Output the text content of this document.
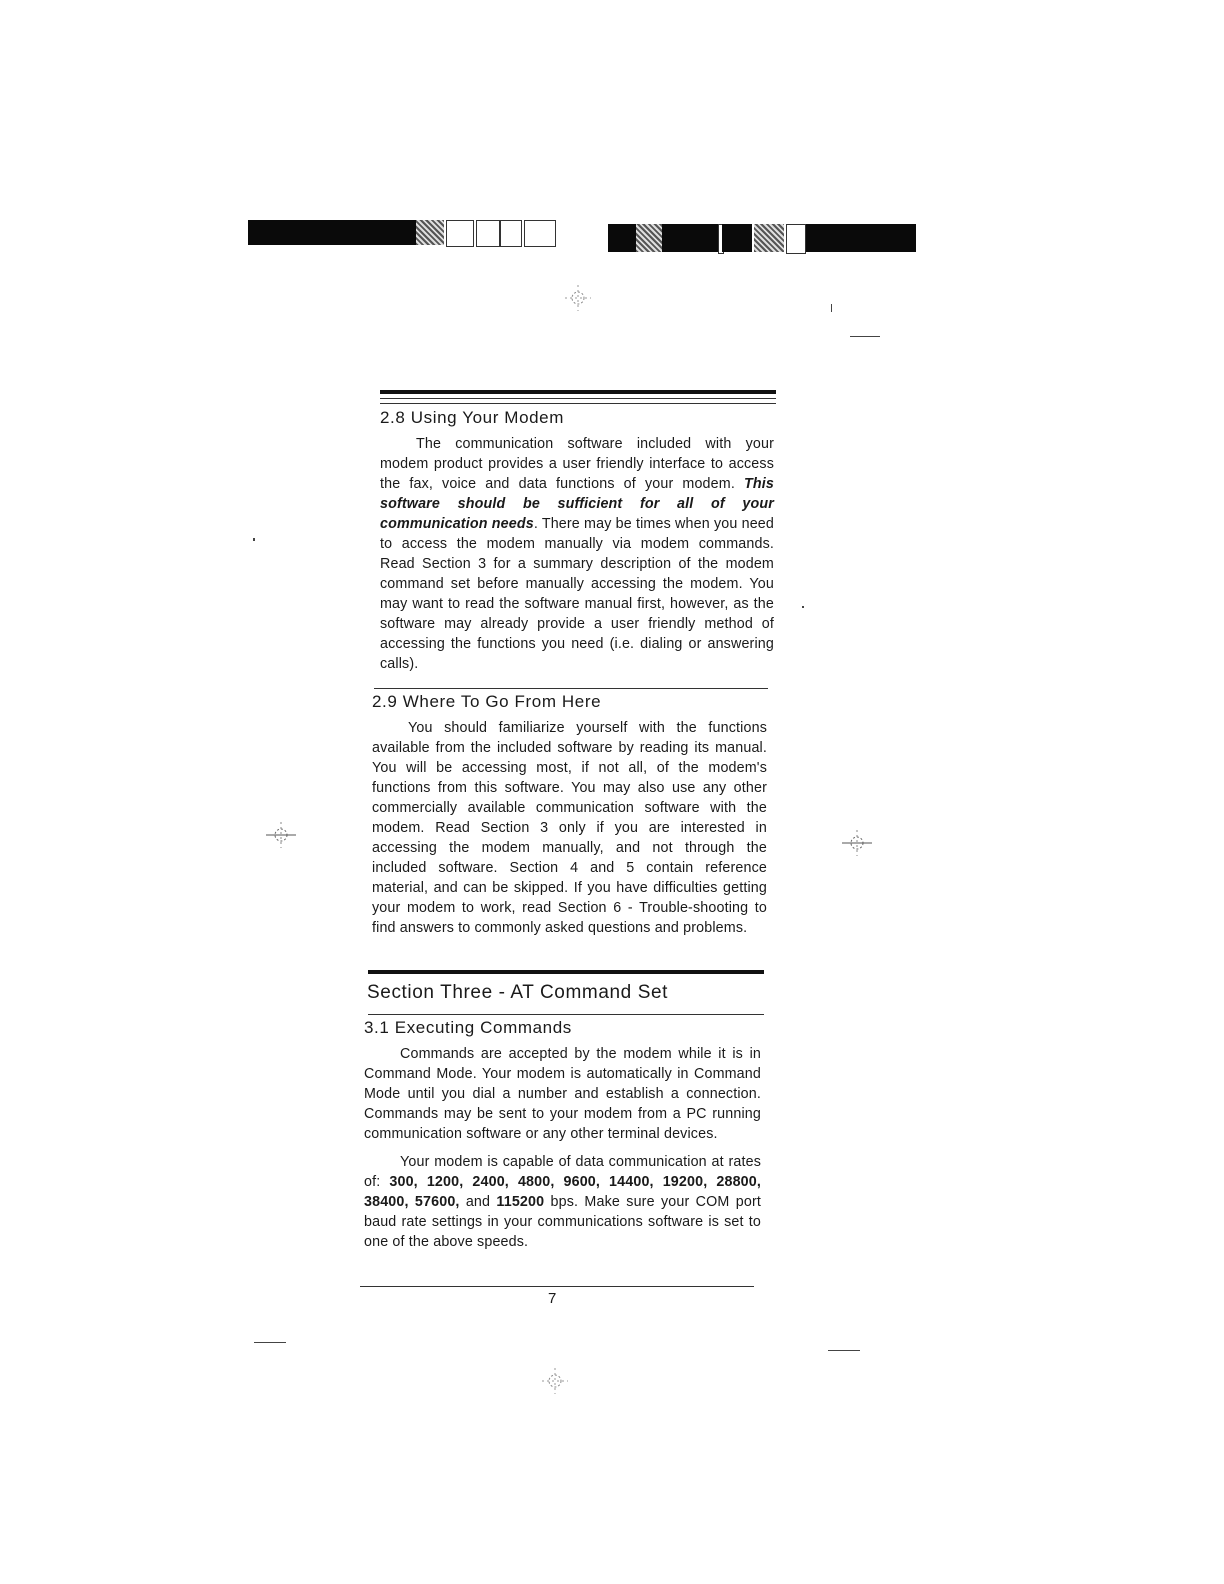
2.8 Using Your Modem

The communication software included with your modem product provides a user friendly interface to access the fax, voice and data functions of your modem. This software should be sufficient for all of your communication needs. There may be times when you need to access the modem manually via modem commands. Read Section 3 for a summary description of the modem command set before manually accessing the modem. You may want to read the software manual first, however, as the software may already provide a user friendly method of accessing the functions you need (i.e. dialing or answering calls).

2.9 Where To Go From Here

You should familiarize yourself with the functions available from the included software by reading its manual. You will be accessing most, if not all, of the modem's functions from this software. You may also use any other commercially available communication software with the modem. Read Section 3 only if you are interested in accessing the modem manually, and not through the included software. Section 4 and 5 contain reference material, and can be skipped. If you have difficulties getting your modem to work, read Section 6 - Trouble-shooting to find answers to commonly asked questions and problems.

Section Three - AT Command Set
3.1 Executing Commands

Commands are accepted by the modem while it is in Command Mode. Your modem is automatically in Command Mode until you dial a number and establish a connection. Commands may be sent to your modem from a PC running communication software or any other terminal devices.

Your modem is capable of data communication at rates of: 300, 1200, 2400, 4800, 9600, 14400, 19200, 28800, 38400, 57600, and 115200 bps. Make sure your COM port baud rate settings in your communications software is set to one of the above speeds.

7
